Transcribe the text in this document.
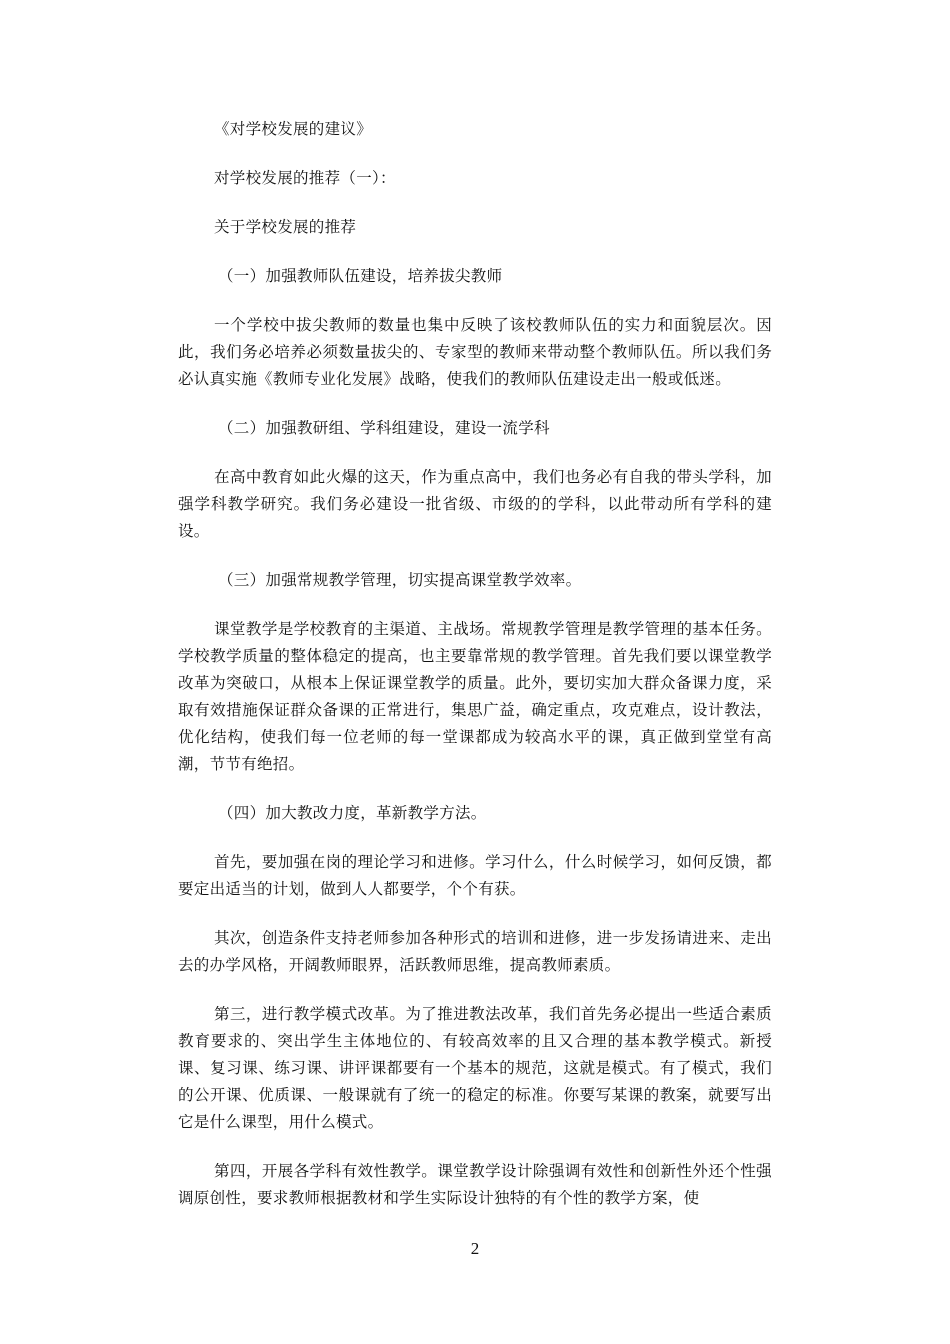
《对学校发展的建议》

对学校发展的推荐（一）：

关于学校发展的推荐

（一）加强教师队伍建设，培养拔尖教师

一个学校中拔尖教师的数量也集中反映了该校教师队伍的实力和面貌层次。因此，我们务必培养必须数量拔尖的、专家型的教师来带动整个教师队伍。所以我们务必认真实施《教师专业化发展》战略，使我们的教师队伍建设走出一般或低迷。

（二）加强教研组、学科组建设，建设一流学科

在高中教育如此火爆的这天，作为重点高中，我们也务必有自我的带头学科，加强学科教学研究。我们务必建设一批省级、市级的的学科，以此带动所有学科的建设。

（三）加强常规教学管理，切实提高课堂教学效率。

课堂教学是学校教育的主渠道、主战场。常规教学管理是教学管理的基本任务。学校教学质量的整体稳定的提高，也主要靠常规的教学管理。首先我们要以课堂教学改革为突破口，从根本上保证课堂教学的质量。此外，要切实加大群众备课力度，采取有效措施保证群众备课的正常进行，集思广益，确定重点，攻克难点，设计教法，优化结构，使我们每一位老师的每一堂课都成为较高水平的课，真正做到堂堂有高潮，节节有绝招。

（四）加大教改力度，革新教学方法。

首先，要加强在岗的理论学习和进修。学习什么，什么时候学习，如何反馈，都要定出适当的计划，做到人人都要学，个个有获。

其次，创造条件支持老师参加各种形式的培训和进修，进一步发扬请进来、走出去的办学风格，开阔教师眼界，活跃教师思维，提高教师素质。

第三，进行教学模式改革。为了推进教法改革，我们首先务必提出一些适合素质教育要求的、突出学生主体地位的、有较高效率的且又合理的基本教学模式。新授课、复习课、练习课、讲评课都要有一个基本的规范，这就是模式。有了模式，我们的公开课、优质课、一般课就有了统一的稳定的标准。你要写某课的教案，就要写出它是什么课型，用什么模式。

第四，开展各学科有效性教学。课堂教学设计除强调有效性和创新性外还个性强调原创性，要求教师根据教材和学生实际设计独特的有个性的教学方案，使

2
